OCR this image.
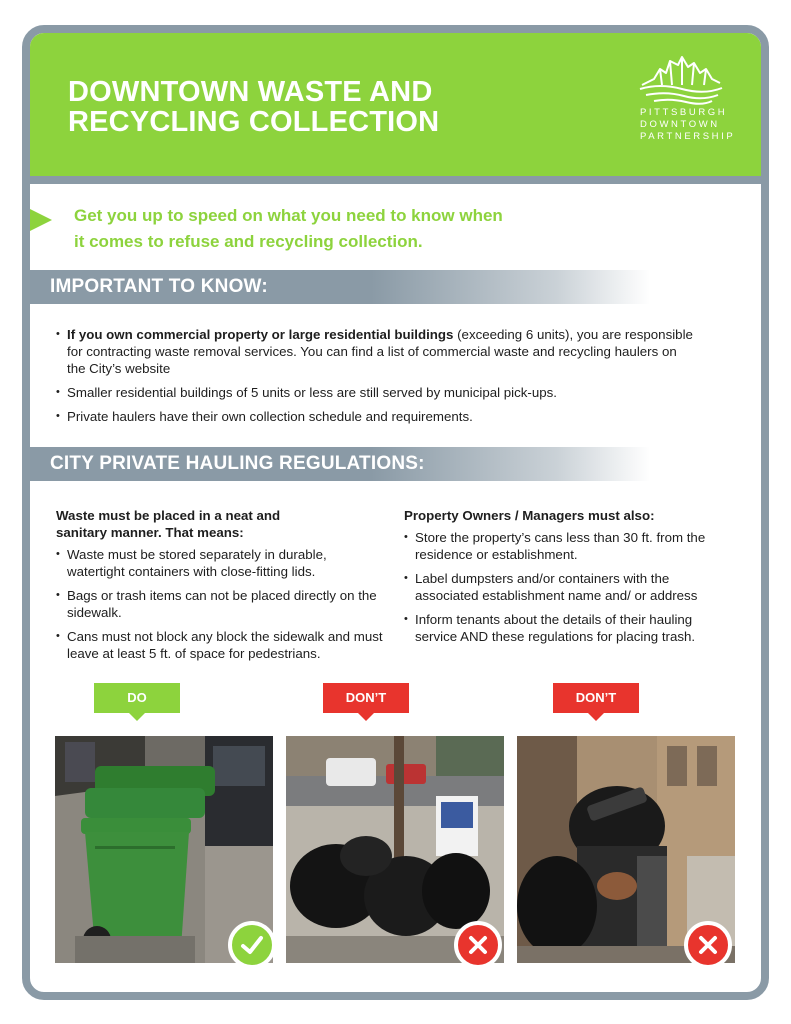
DOWNTOWN WASTE AND
RECYCLING COLLECTION	PITTSBURGH
DOWNTOWN
PARTNERSHIP

Get you up to speed on what you need to know when
it comes to refuse and recycling collection.

IMPORTANT TO KNOW:
• If you own commercial property or large residential buildings (exceeding 6 units), you are responsible for contracting waste removal services. You can find a list of commercial waste and recycling haulers on the City’s website
• Smaller residential buildings of 5 units or less are still served by municipal pick-ups.
• Private haulers have their own collection schedule and requirements.
CITY PRIVATE HAULING REGULATIONS:
Waste must be placed in a neat and
sanitary manner. That means:
• Waste must be stored separately in durable, watertight containers with close-fitting lids.
• Bags or trash items can not be placed directly on the sidewalk.
• Cans must not block any block the sidewalk and must leave at least 5 ft. of space for pedestrians.
Property Owners / Managers must also:
• Store the property’s cans less than 30 ft. from the residence or establishment.
• Label dumpsters and/or containers with the associated establishment name and/ or address
• Inform tenants about the details of their hauling service AND these regulations for placing trash.
DO	DON’T	DON’T
